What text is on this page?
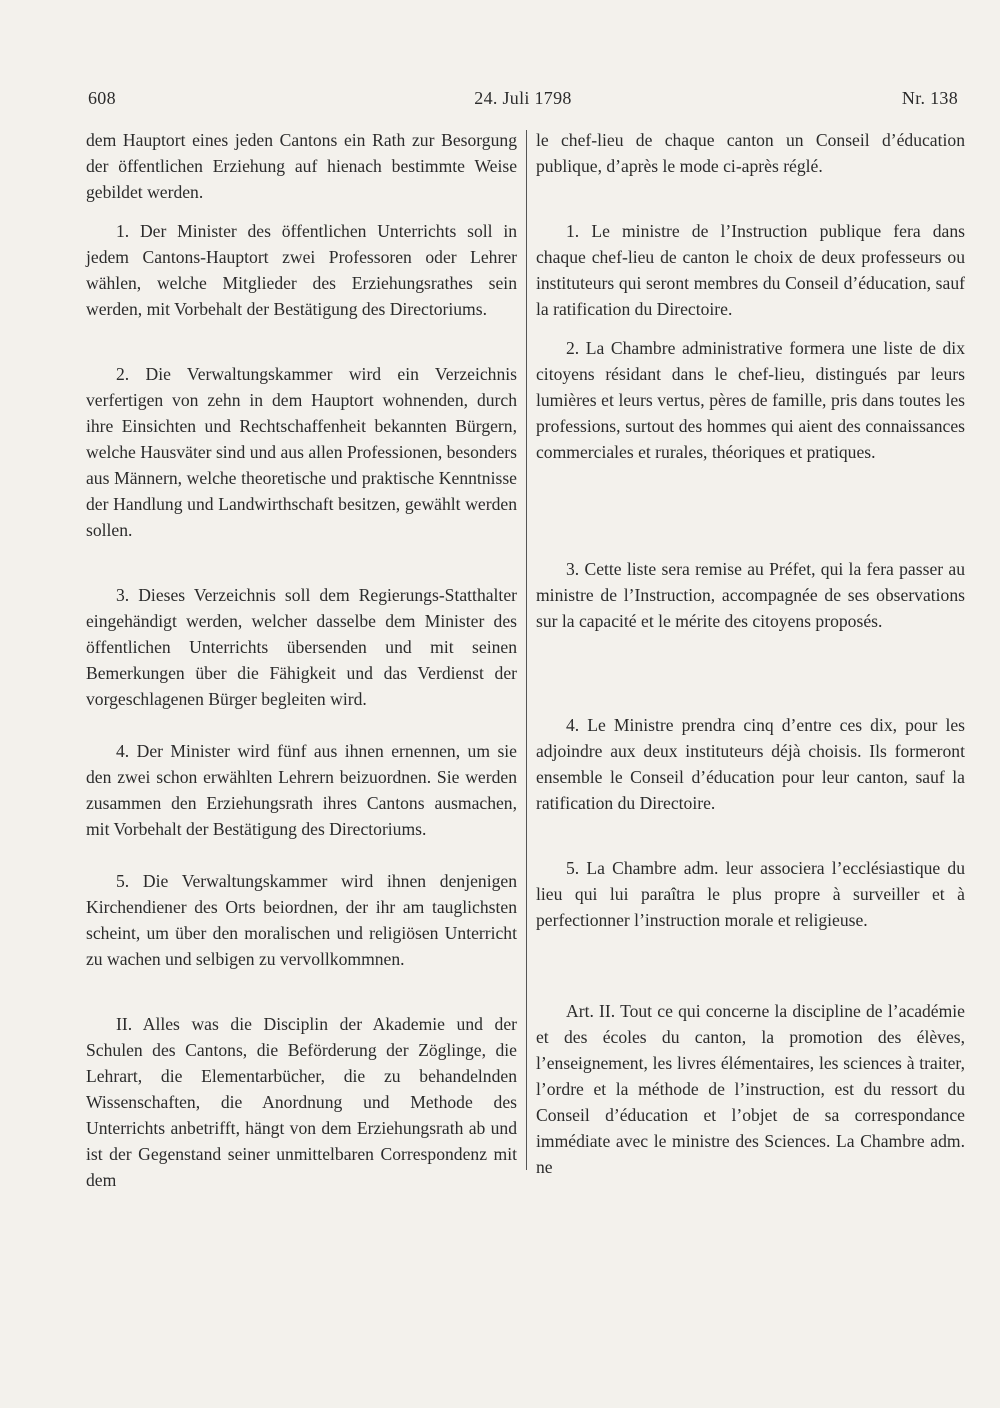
608	24. Juli 1798	Nr. 138

dem Hauptort eines jeden Cantons ein Rath zur Besorgung der öffentlichen Erziehung auf hienach bestimmte Weise gebildet werden.

1. Der Minister des öffentlichen Unterrichts soll in jedem Cantons-Hauptort zwei Professoren oder Lehrer wählen, welche Mitglieder des Erziehungsrathes sein werden, mit Vorbehalt der Bestätigung des Directoriums.

2. Die Verwaltungskammer wird ein Verzeichnis verfertigen von zehn in dem Hauptort wohnenden, durch ihre Einsichten und Rechtschaffenheit bekannten Bürgern, welche Hausväter sind und aus allen Professionen, besonders aus Männern, welche theoretische und praktische Kenntnisse der Handlung und Landwirthschaft besitzen, gewählt werden sollen.

3. Dieses Verzeichnis soll dem Regierungs-Statthalter eingehändigt werden, welcher dasselbe dem Minister des öffentlichen Unterrichts übersenden und mit seinen Bemerkungen über die Fähigkeit und das Verdienst der vorgeschlagenen Bürger begleiten wird.

4. Der Minister wird fünf aus ihnen ernennen, um sie den zwei schon erwählten Lehrern beizuordnen. Sie werden zusammen den Erziehungsrath ihres Cantons ausmachen, mit Vorbehalt der Bestätigung des Directoriums.

5. Die Verwaltungskammer wird ihnen denjenigen Kirchendiener des Orts beiordnen, der ihr am tauglichsten scheint, um über den moralischen und religiösen Unterricht zu wachen und selbigen zu vervollkommnen.

II. Alles was die Disciplin der Akademie und der Schulen des Cantons, die Beförderung der Zöglinge, die Lehrart, die Elementarbücher, die zu behandelnden Wissenschaften, die Anordnung und Methode des Unterrichts anbetrifft, hängt von dem Erziehungsrath ab und ist der Gegenstand seiner unmittelbaren Correspondenz mit dem

le chef-lieu de chaque canton un Conseil d’éducation publique, d’après le mode ci-après réglé.

1. Le ministre de l’Instruction publique fera dans chaque chef-lieu de canton le choix de deux professeurs ou instituteurs qui seront membres du Conseil d’éducation, sauf la ratification du Directoire.

2. La Chambre administrative formera une liste de dix citoyens résidant dans le chef-lieu, distingués par leurs lumières et leurs vertus, pères de famille, pris dans toutes les professions, surtout des hommes qui aient des connaissances commerciales et rurales, théoriques et pratiques.

3. Cette liste sera remise au Préfet, qui la fera passer au ministre de l’Instruction, accompagnée de ses observations sur la capacité et le mérite des citoyens proposés.

4. Le Ministre prendra cinq d’entre ces dix, pour les adjoindre aux deux instituteurs déjà choisis. Ils formeront ensemble le Conseil d’éducation pour leur canton, sauf la ratification du Directoire.

5. La Chambre adm. leur associera l’ecclésiastique du lieu qui lui paraîtra le plus propre à surveiller et à perfectionner l’instruction morale et religieuse.

Art. II. Tout ce qui concerne la discipline de l’académie et des écoles du canton, la promotion des élèves, l’enseignement, les livres élémentaires, les sciences à traiter, l’ordre et la méthode de l’instruction, est du ressort du Conseil d’éducation et l’objet de sa correspondance immédiate avec le ministre des Sciences. La Chambre adm. ne
